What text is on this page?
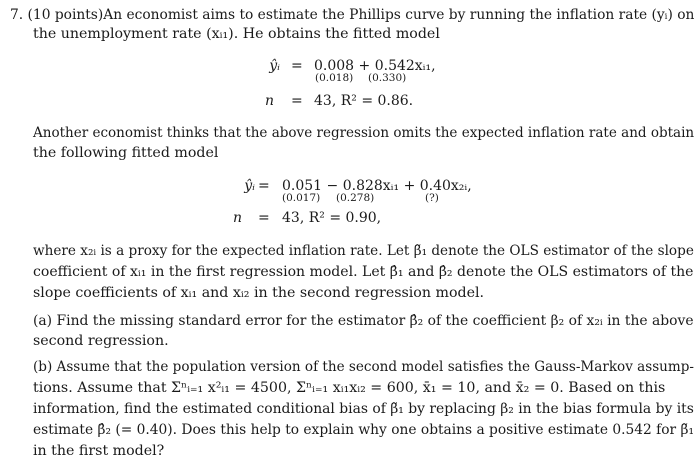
7. (10 points)An economist aims to estimate the Phillips curve by running the inflation rate (yᵢ) on
the unemployment rate (xᵢ₁). He obtains the fitted model
ŷᵢ = 0.008 + 0.542xᵢ₁,
(0.018) (0.330)
n = 43, R² = 0.86.
Another economist thinks that the above regression omits the expected inflation rate and obtain
the following fitted model
ŷᵢ = 0.051 − 0.828xᵢ₁ + 0.40x₂ᵢ,
(0.017) (0.278)	(?)
n = 43, R² = 0.90,
where x₂ᵢ is a proxy for the expected inflation rate. Let β̃₁ denote the OLS estimator of the slope
coefficient of xᵢ₁ in the first regression model. Let β̂₁ and β̂₂ denote the OLS estimators of the
slope coefficients of xᵢ₁ and xᵢ₂ in the second regression model.
(a) Find the missing standard error for the estimator β̂₂ of the coefficient β₂ of x₂ᵢ in the above
second regression.
(b) Assume that the population version of the second model satisfies the Gauss-Markov assump-
tions. Assume that Σⁿᵢ₌₁ x²ᵢ₁ = 4500, Σⁿᵢ₌₁ xᵢ₁xᵢ₂ = 600, x̄₁ = 10, and x̄₂ = 0. Based on this
information, find the estimated conditional bias of β̃₁ by replacing β₂ in the bias formula by its
estimate β̂₂ (= 0.40). Does this help to explain why one obtains a positive estimate 0.542 for β̃₁
in the first model?
